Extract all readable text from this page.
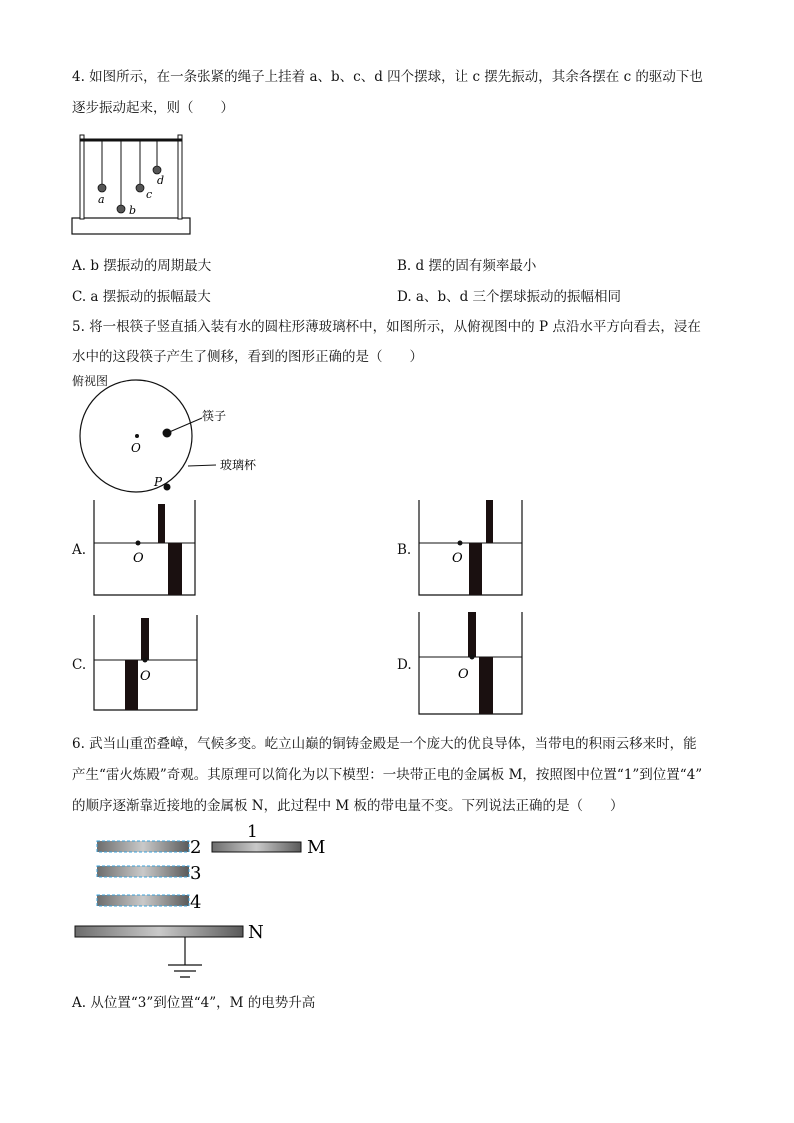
4. 如图所示，在一条张紧的绳子上挂着 a、b、c、d 四个摆球，让 c 摆先振动，其余各摆在 c 的驱动下也
逐步振动起来，则（　　）
a
b
c
d
A. b 摆振动的周期最大	B. d 摆的固有频率最小
C. a 摆振动的振幅最大	D. a、b、d 三个摆球振动的振幅相同
5. 将一根筷子竖直插入装有水的圆柱形薄玻璃杯中，如图所示，从俯视图中的 P 点沿水平方向看去，浸在
水中的这段筷子产生了侧移，看到的图形正确的是（　　）
俯视图
O
筷子
玻璃杯
P
A.
O
B.
O
C.
O
D.
O
6. 武当山重峦叠嶂，气候多变。屹立山巅的铜铸金殿是一个庞大的优良导体，当带电的积雨云移来时，能
产生“雷火炼殿”奇观。其原理可以简化为以下模型：一块带正电的金属板 M，按照图中位置“1”到位置“4”
的顺序逐渐靠近接地的金属板 N，此过程中 M 板的带电量不变。下列说法正确的是（　　）
1
M
2
3
4
N
A. 从位置“3”到位置“4”，M 的电势升高
